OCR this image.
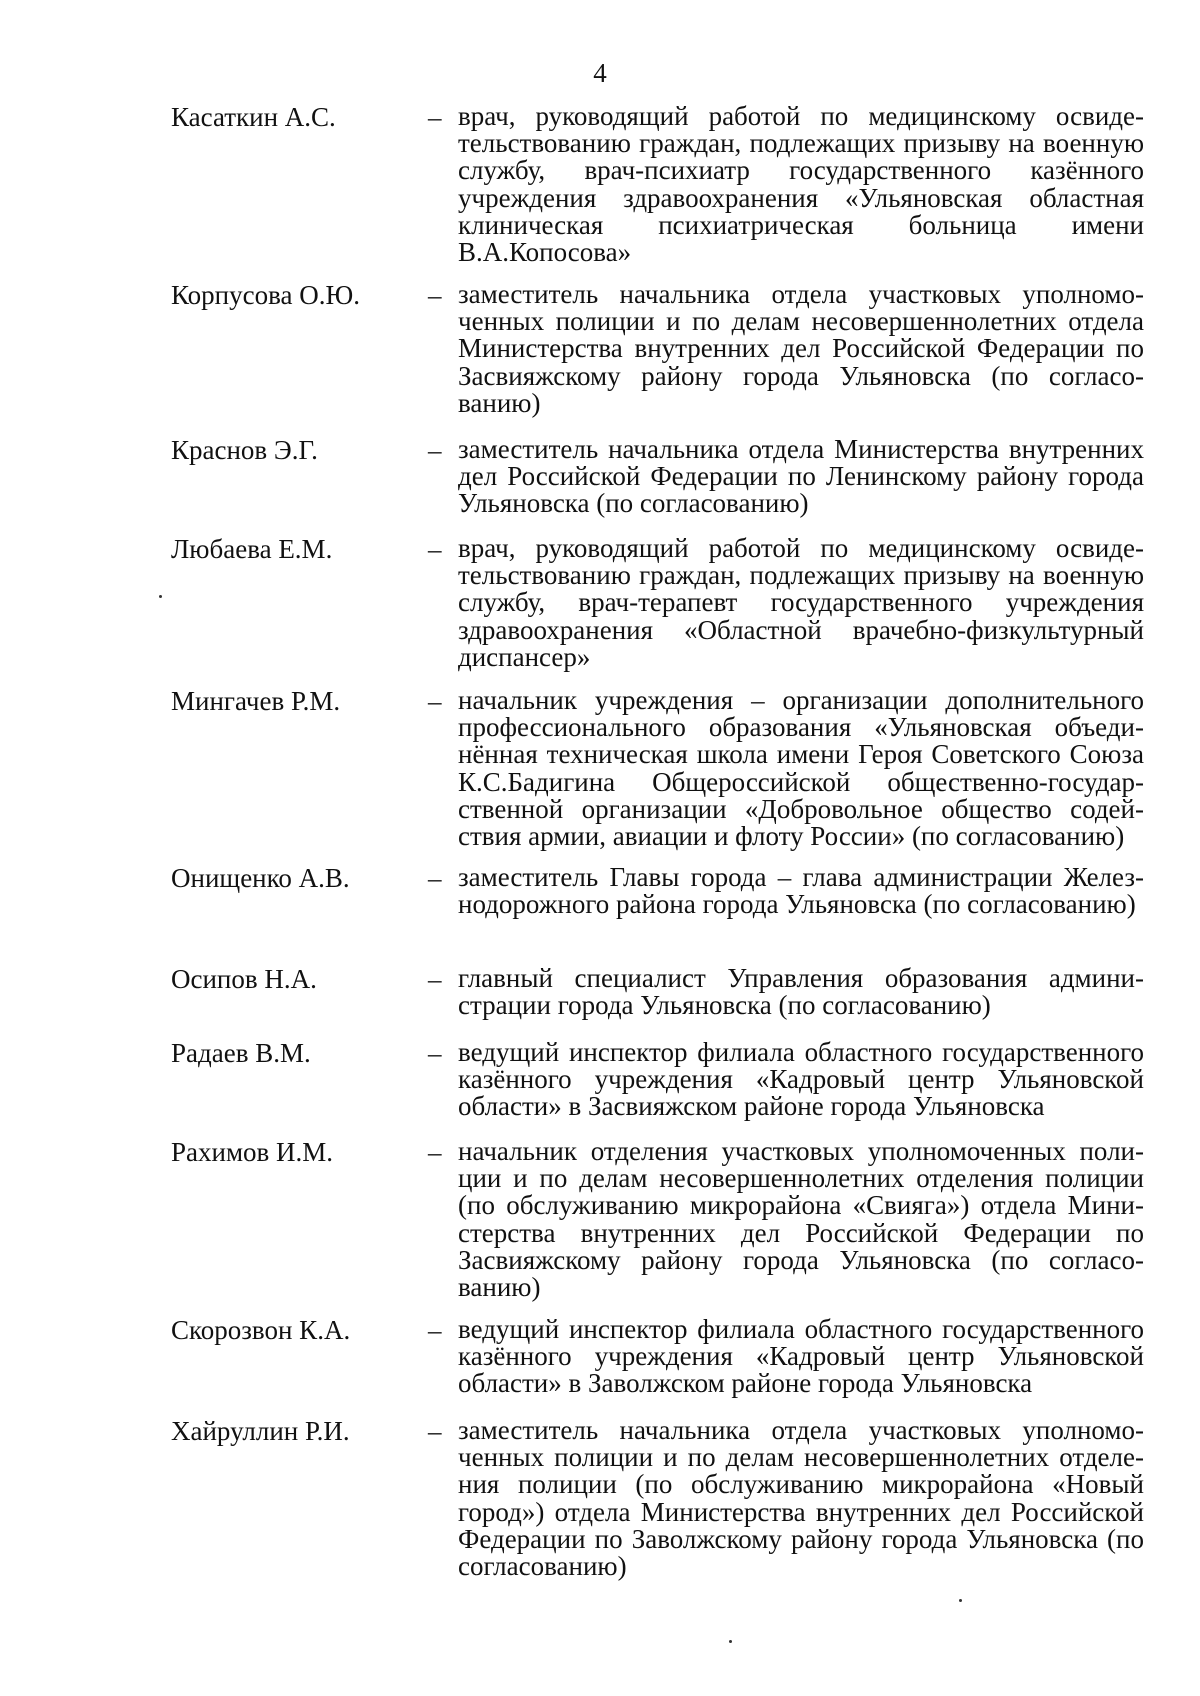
4
Касаткин А.С.	– врач, руководящий работой по медицинскому освидетельствованию граждан, подлежащих призыву на военную службу, врач-психиатр государственного казённого учреждения здравоохранения «Ульяновская областная клиническая психиатрическая больница имени В.А.Копосова»
Корпусова О.Ю.	– заместитель начальника отдела участковых уполномоченных полиции и по делам несовершеннолетних отдела Министерства внутренних дел Российской Федерации по Засвияжскому району города Ульяновска (по согласованию)
Краснов Э.Г.	– заместитель начальника отдела Министерства внутренних дел Российской Федерации по Ленинскому району города Ульяновска (по согласованию)
Любаева Е.М.	– врач, руководящий работой по медицинскому освидетельствованию граждан, подлежащих призыву на военную службу, врач-терапевт государственного учреждения здравоохранения «Областной врачебно-физкультурный диспансер»
Мингачев Р.М.	– начальник учреждения – организации дополнительного профессионального образования «Ульяновская объединённая техническая школа имени Героя Советского Союза К.С.Бадигина Общероссийской общественно-государственной организации «Добровольное общество содействия армии, авиации и флоту России» (по согласованию)
Онищенко А.В.	– заместитель Главы города – глава администрации Железнодорожного района города Ульяновска (по согласованию)
Осипов Н.А.	– главный специалист Управления образования администрации города Ульяновска (по согласованию)
Радаев В.М.	– ведущий инспектор филиала областного государственного казённого учреждения «Кадровый центр Ульяновской области» в Засвияжском районе города Ульяновска
Рахимов И.М.	– начальник отделения участковых уполномоченных полиции и по делам несовершеннолетних отделения полиции (по обслуживанию микрорайона «Свияга») отдела Министерства внутренних дел Российской Федерации по Засвияжскому району города Ульяновска (по согласованию)
Скорозвон К.А.	– ведущий инспектор филиала областного государственного казённого учреждения «Кадровый центр Ульяновской области» в Заволжском районе города Ульяновска
Хайруллин Р.И.	– заместитель начальника отдела участковых уполномоченных полиции и по делам несовершеннолетних отделения полиции (по обслуживанию микрорайона «Новый город») отдела Министерства внутренних дел Российской Федерации по Заволжскому району города Ульяновска (по согласованию)
